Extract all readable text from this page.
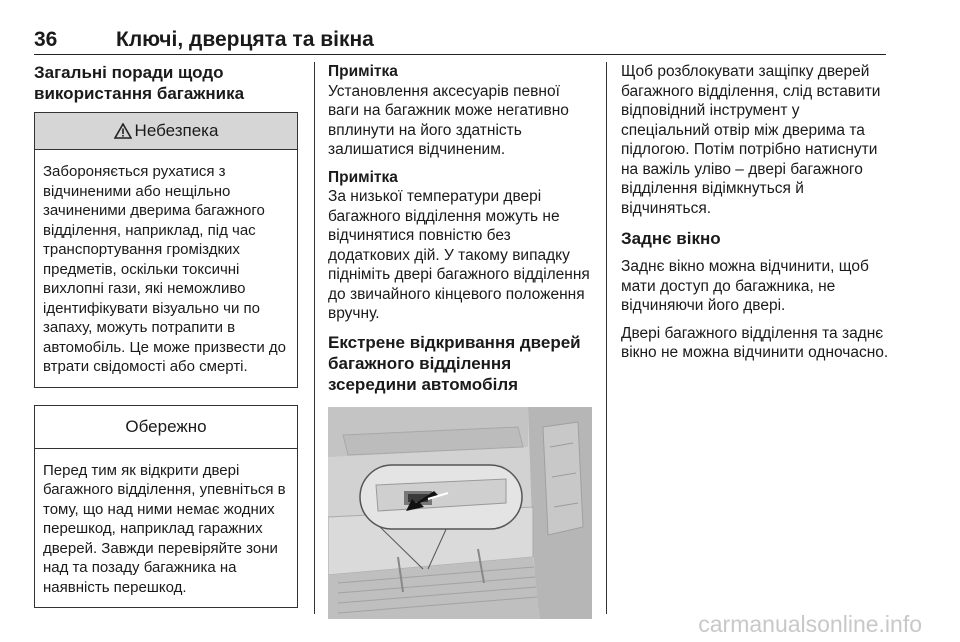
36	Ключі, дверцята та вікна
Загальні поради щодо використання багажника
Небезпека

Забороняється рухатися з відчиненими або нещільно зачиненими дверима багажного відділення, наприклад, під час транспортування громіздких предметів, оскільки токсичні вихлопні гази, які неможливо ідентифікувати візуально чи по запаху, можуть потрапити в автомобіль. Це може призвести до втрати свідомості або смерті.

Обережно

Перед тим як відкрити двері багажного відділення, упевніться в тому, що над ними немає жодних перешкод, наприклад гаражних дверей. Завжди перевіряйте зони над та позаду багажника на наявність перешкод.

Примітка

Установлення аксесуарів певної ваги на багажник може негативно вплинути на його здатність залишатися відчиненим.

Примітка

За низької температури двері багажного відділення можуть не відчинятися повністю без додаткових дій. У такому випадку підніміть двері багажного відділення до звичайного кінцевого положення вручну.

Екстрене відкривання дверей багажного відділення зсередини автомобіля

Щоб розблокувати защіпку дверей багажного відділення, слід вставити відповідний інструмент у спеціальний отвір між дверима та підлогою. Потім потрібно натиснути на важіль уліво – двері багажного відділення відімкнуться й відчиняться.

Заднє вікно

Заднє вікно можна відчинити, щоб мати доступ до багажника, не відчиняючи його двері.

Двері багажного відділення та заднє вікно не можна відчинити одночасно.

carmanualsonline.info
